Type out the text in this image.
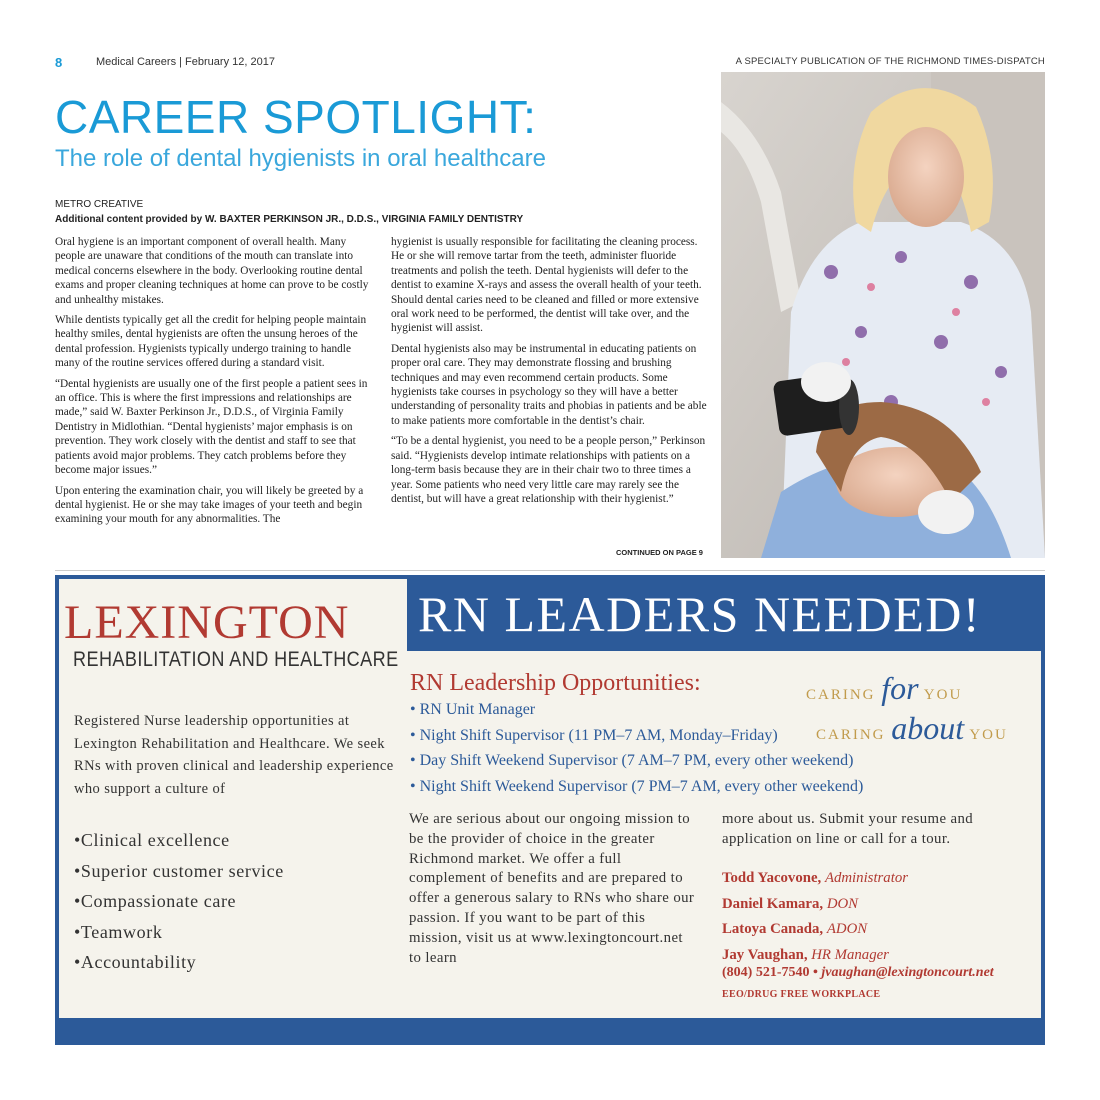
8	Medical Careers | February 12, 2017	A SPECIALTY PUBLICATION OF THE RICHMOND TIMES-DISPATCH
CAREER SPOTLIGHT:
The role of dental hygienists in oral healthcare
METRO CREATIVE
Additional content provided by W. BAXTER PERKINSON JR., D.D.S., VIRGINIA FAMILY DENTISTRY

Oral hygiene is an important component of overall health. Many people are unaware that conditions of the mouth can translate into medical concerns elsewhere in the body. Overlooking routine dental exams and proper cleaning techniques at home can prove to be costly and unhealthy mistakes.

While dentists typically get all the credit for helping people maintain healthy smiles, dental hygienists are often the unsung heroes of the dental profession. Hygienists typically undergo training to handle many of the routine services offered during a standard visit.

“Dental hygienists are usually one of the first people a patient sees in an office. This is where the first impressions and relationships are made,” said W. Baxter Perkinson Jr., D.D.S., of Virginia Family Dentistry in Midlothian. “Dental hygienists’ major emphasis is on prevention. They work closely with the dentist and staff to see that patients avoid major problems. They catch problems before they become major issues.”

Upon entering the examination chair, you will likely be greeted by a dental hygienist. He or she may take images of your teeth and begin examining your mouth for any abnormalities. The

hygienist is usually responsible for facilitating the cleaning process. He or she will remove tartar from the teeth, administer fluoride treatments and polish the teeth. Dental hygienists will defer to the dentist to examine X-rays and assess the overall health of your teeth. Should dental caries need to be cleaned and filled or more extensive oral work need to be performed, the dentist will take over, and the hygienist will assist.

Dental hygienists also may be instrumental in educating patients on proper oral care. They may demonstrate flossing and brushing techniques and may even recommend certain products. Some hygienists take courses in psychology so they will have a better understanding of personality traits and phobias in patients and be able to make patients more comfortable in the dentist’s chair.

“To be a dental hygienist, you need to be a people person,” Perkinson said. “Hygienists develop intimate relationships with patients on a long-term basis because they are in their chair two to three times a year. Some patients who need very little care may rarely see the dentist, but will have a great relationship with their hygienist.”

CONTINUED ON PAGE 9
RN LEADERS NEEDED!
LEXINGTON
REHABILITATION AND HEALTHCARE
Registered Nurse leadership opportunities at Lexington Rehabilitation and Healthcare. We seek RNs with proven clinical and leadership experience who support a culture of
•Clinical excellence
•Superior customer service
•Compassionate care
•Teamwork
•Accountability
RN Leadership Opportunities:
• RN Unit Manager
• Night Shift Supervisor (11 PM–7 AM, Monday–Friday)
• Day Shift Weekend Supervisor (7 AM–7 PM, every other weekend)
• Night Shift Weekend Supervisor (7 PM–7 AM, every other weekend)
CARING for YOU
CARING about YOU
We are serious about our ongoing mission to be the provider of choice in the greater Richmond market. We offer a full complement of benefits and are prepared to offer a generous salary to RNs who share our passion. If you want to be part of this mission, visit us at www.lexingtoncourt.net to learn
more about us. Submit your resume and application on line or call for a tour.
Todd Yacovone, Administrator
Daniel Kamara, DON
Latoya Canada, ADON
Jay Vaughan, HR Manager
(804) 521-7540 • jvaughan@lexingtoncourt.net
EEO/DRUG FREE WORKPLACE
